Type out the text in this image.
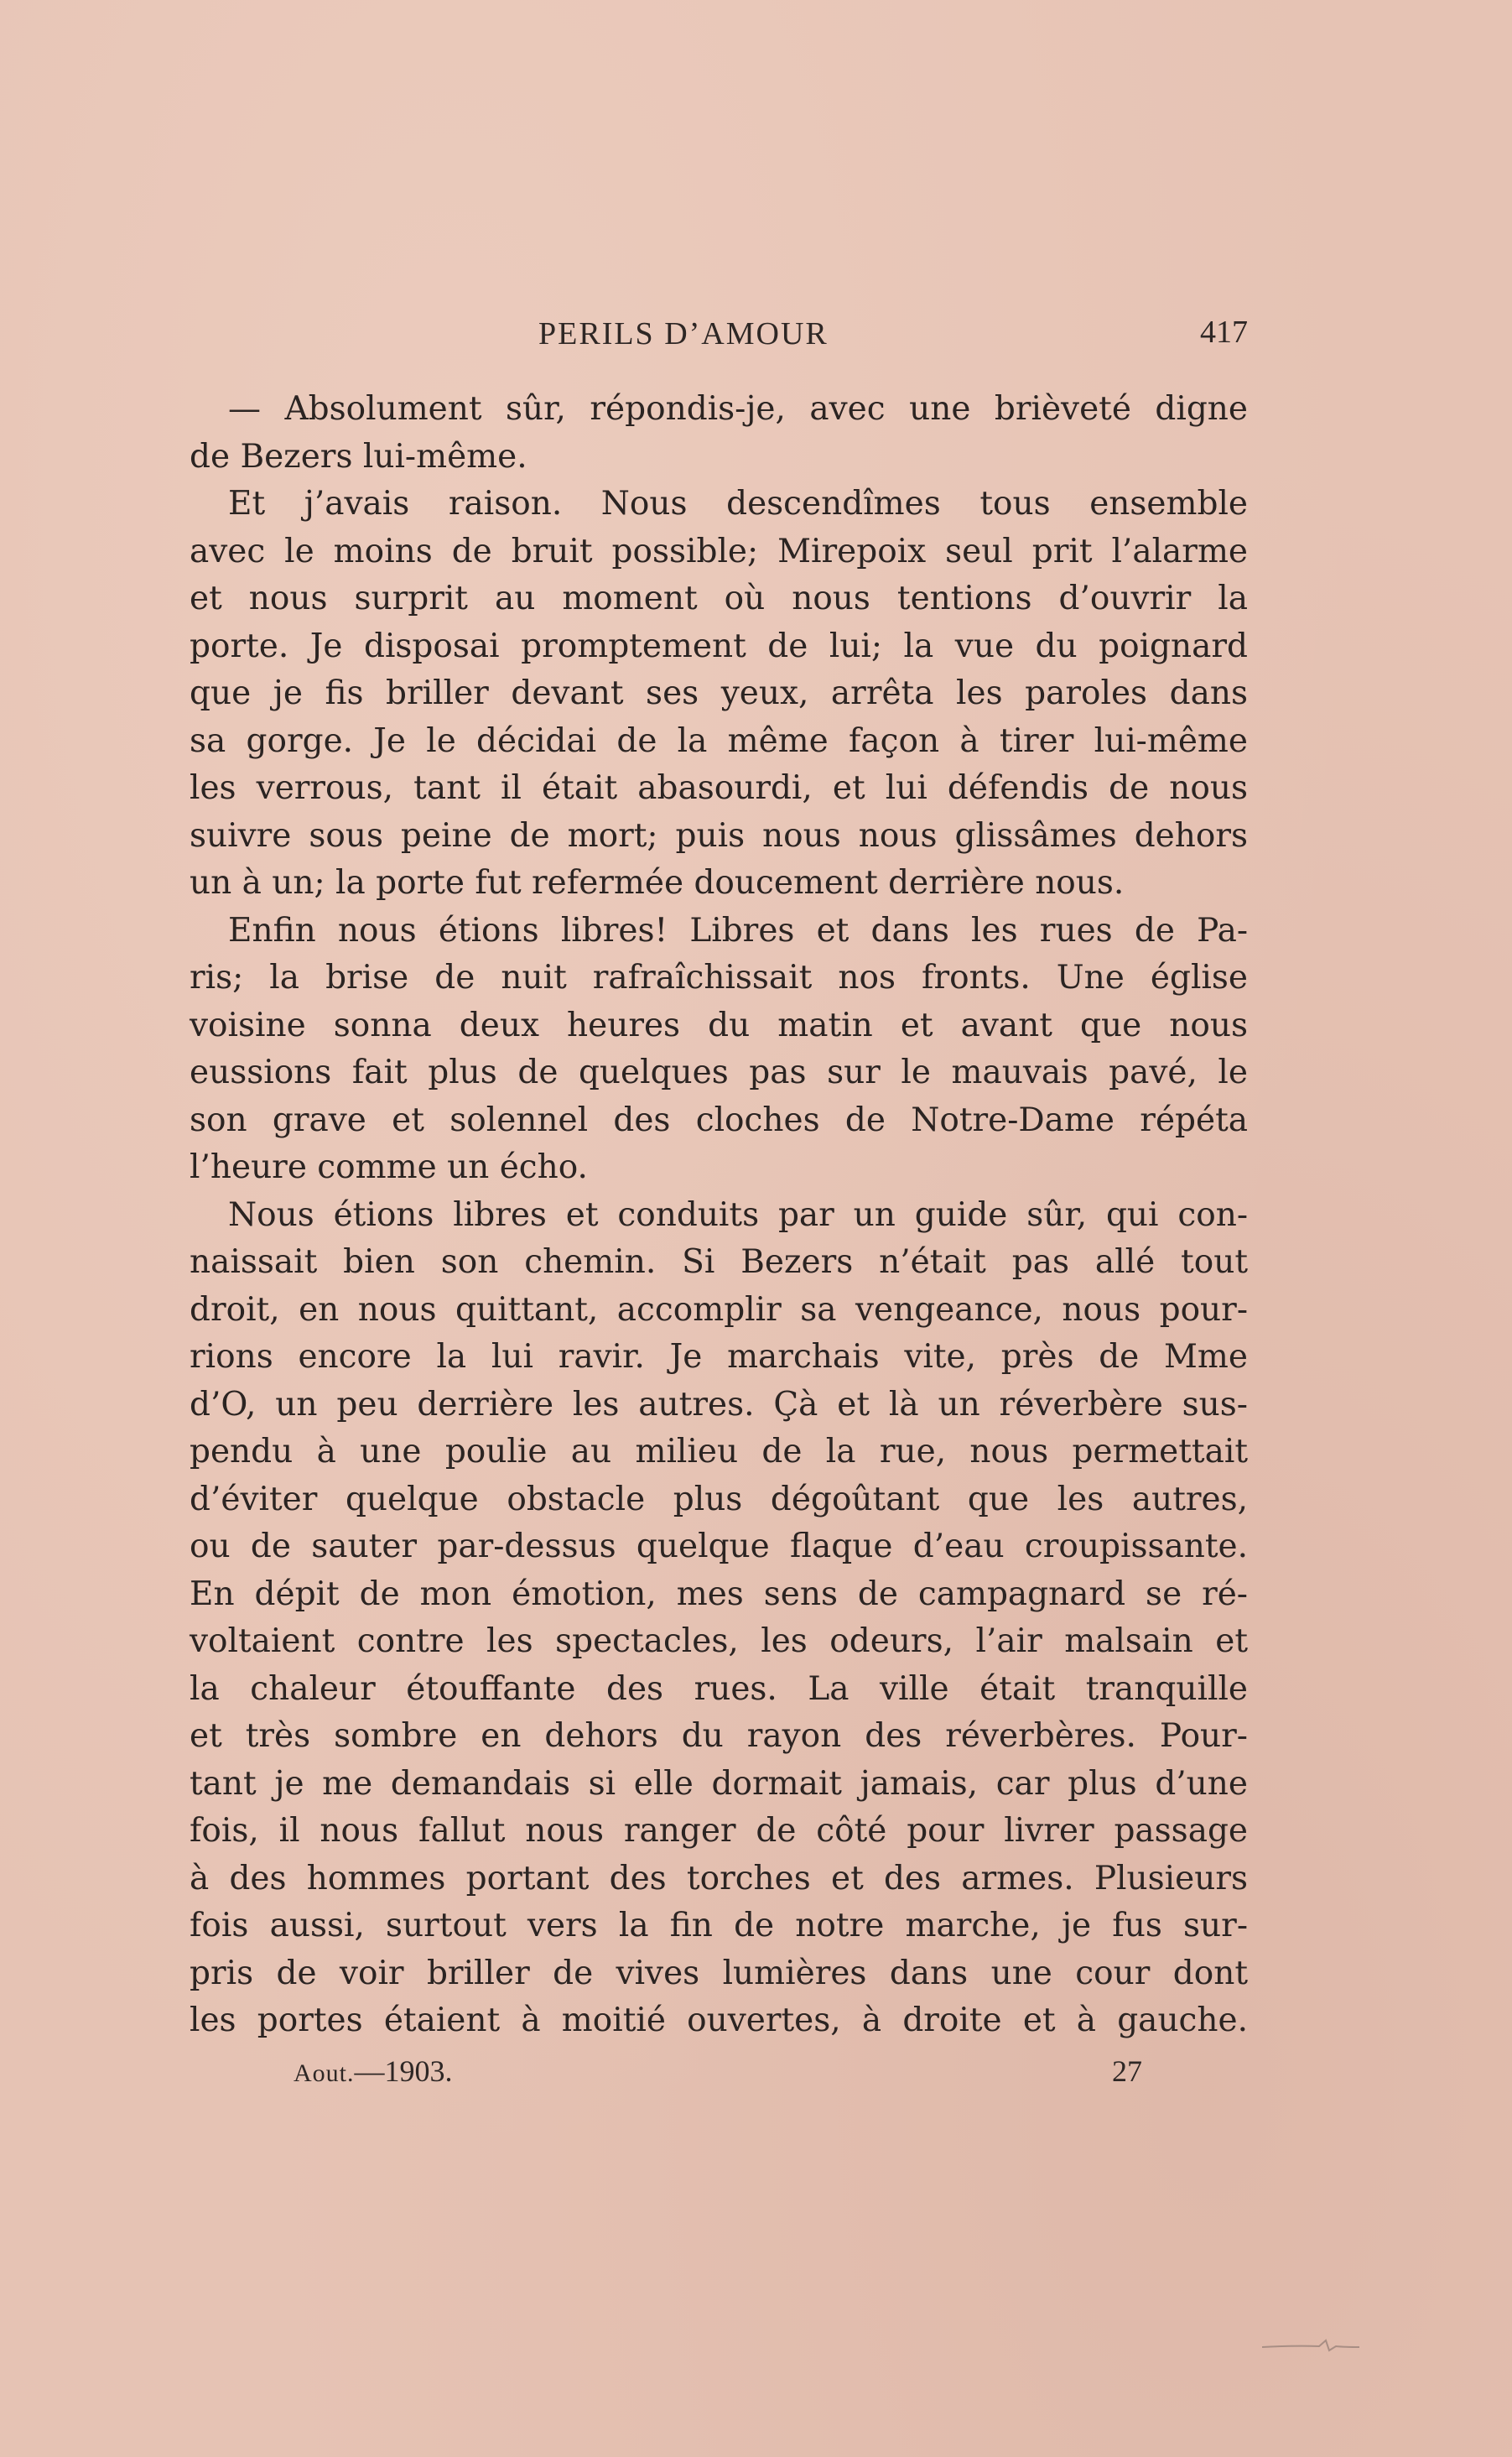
PERILS D’AMOUR	417

— Absolument sûr, répondis-je, avec une brièveté digne
de Bezers lui-même.

Et j’avais raison. Nous descendîmes tous ensemble
avec le moins de bruit possible; Mirepoix seul prit l’alarme
et nous surprit au moment où nous tentions d’ouvrir la
porte. Je disposai promptement de lui; la vue du poignard
que je fis briller devant ses yeux, arrêta les paroles dans
sa gorge. Je le décidai de la même façon à tirer lui-même
les verrous, tant il était abasourdi, et lui défendis de nous
suivre sous peine de mort; puis nous nous glissâmes dehors
un à un; la porte fut refermée doucement derrière nous.

Enfin nous étions libres! Libres et dans les rues de Pa-
ris; la brise de nuit rafraîchissait nos fronts. Une église
voisine sonna deux heures du matin et avant que nous
eussions fait plus de quelques pas sur le mauvais pavé, le
son grave et solennel des cloches de Notre-Dame répéta
l’heure comme un écho.

Nous étions libres et conduits par un guide sûr, qui con-
naissait bien son chemin. Si Bezers n’était pas allé tout
droit, en nous quittant, accomplir sa vengeance, nous pour-
rions encore la lui ravir. Je marchais vite, près de Mme
d’O, un peu derrière les autres. Çà et là un réverbère sus-
pendu à une poulie au milieu de la rue, nous permettait
d’éviter quelque obstacle plus dégoûtant que les autres,
ou de sauter par-dessus quelque flaque d’eau croupissante.
En dépit de mon émotion, mes sens de campagnard se ré-
voltaient contre les spectacles, les odeurs, l’air malsain et
la chaleur étouffante des rues. La ville était tranquille
et très sombre en dehors du rayon des réverbères. Pour-
tant je me demandais si elle dormait jamais, car plus d’une
fois, il nous fallut nous ranger de côté pour livrer passage
à des hommes portant des torches et des armes. Plusieurs
fois aussi, surtout vers la fin de notre marche, je fus sur-
pris de voir briller de vives lumières dans une cour dont
les portes étaient à moitié ouvertes, à droite et à gauche.

Aout.—1903.	27
